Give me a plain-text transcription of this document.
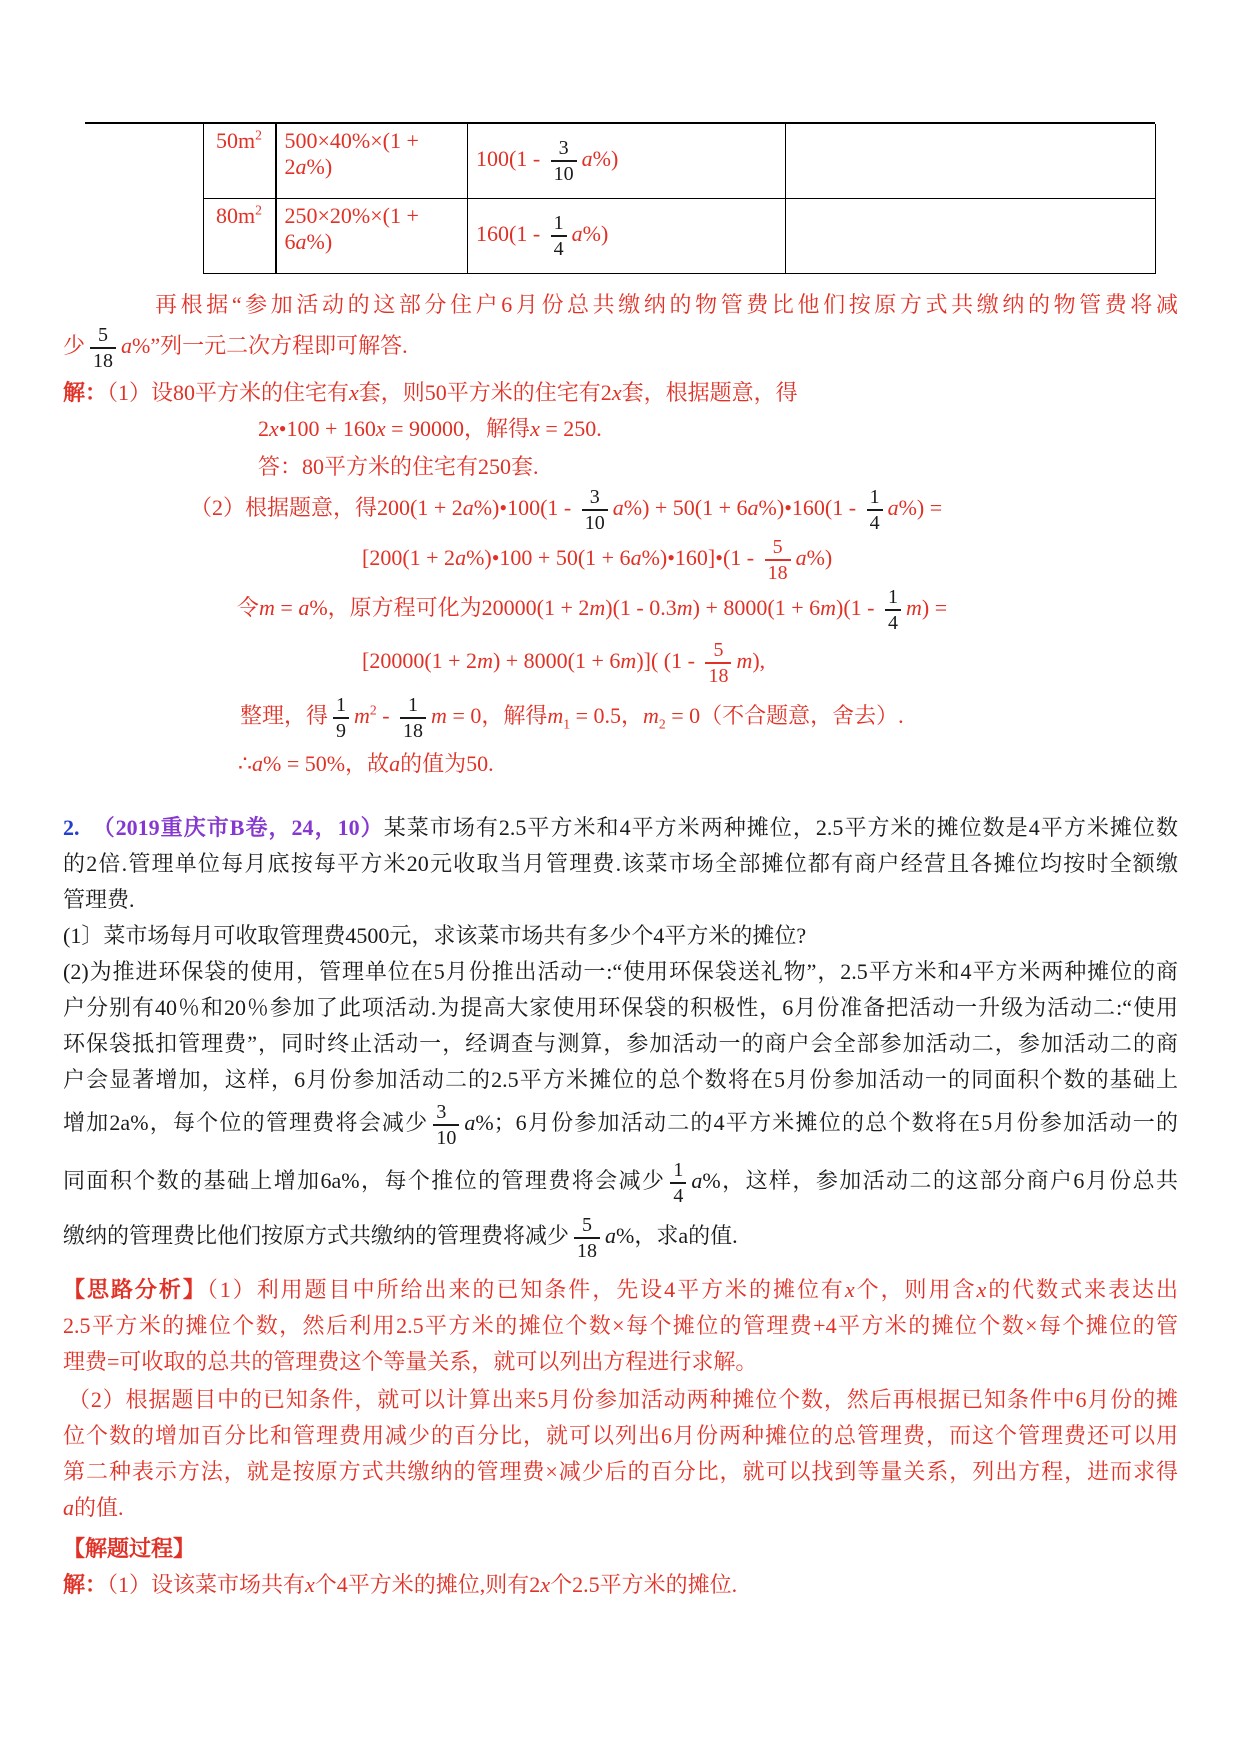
$50m^2$	500×40%×(1 + 2a%)	$100(1 - \frac{3}{10} a\%)$	
$80m^2$	250×20%×(1 + 6a%)	$160(1 - \frac{1}{4} a\%)$	
再根据“参加活动的这部分住户6月份总共缴纳的物管费比他们按原方式共缴纳的物管费将减
少 $\frac{5}{18} a\%$”列一元二次方程即可解答.
解：（1）设80平方米的住宅有x套，则50平方米的住宅有2x套，根据题意，得
2x•100 + 160x = 90000，解得x = 250.
答：80平方米的住宅有250套.
（2）根据题意，得200(1 + 2a%)•100(1 - $\frac{3}{10} a\%) + 50(1$ + 6a%)•160(1 - $\frac{1}{4} a\%$) =
[200(1 + 2a%)•100 + 50(1 + 6a%)•160]•(1 - $\frac{5}{18} a\%$)
令m = a%，原方程可化为$20000(1 + 2m)(1 - 0.3m) + 8000(1 + 6m)(1 - \frac{1}{4} m)$ =
[20000(1 + 2m) + 8000(1 + 6m)]( $(1 - \frac{5}{18} m)$,
整理，得 $\frac{1}{9} m^2 - \frac{1}{18}$ m = 0，解得$m_1 = 0.5$，$m_2 = 0$（不合题意，舍去）.
∴a% = 50%，故a的值为50.
2.　 （2019重庆市B卷，24，10）某菜市场有2.5平方米和4平方米两种摊位，2.5平方米的摊位数是4平方米摊位数
的2倍.管理单位每月底按每平方米20元收取当月管理费.该菜市场全部摊位都有商户经营且各摊位均按时全额缴
管理费.
(1〕菜市场每月可收取管理费4500元，求该菜市场共有多少个4平方米的摊位?
(2)为推进环保袋的使用，管理单位在5月份推出活动一:“使用环保袋送礼物”，2.5平方米和4平方米两种摊位的商
户分别有40％和20％参加了此项活动.为提高大家使用环保袋的积极性，6月份准备把活动一升级为活动二:“使用
环保袋抵扣管理费”，同时终止活动一，经调查与测算，参加活动一的商户会全部参加活动二，参加活动二的商
户会显著增加，这样，6月份参加活动二的2.5平方米摊位的总个数将在5月份参加活动一的同面积个数的基础上
增加2a%，每个位的管理费将会减少 $\frac{3}{10} a\%$；6月份参加活动二的4平方米摊位的总个数将在5月份参加活动一的
同面积个数的基础上增加6a%，每个推位的管理费将会减少 $\frac{1}{4} a\%$，这样，参加活动二的这部分商户6月份总共
缴纳的管理费比他们按原方式共缴纳的管理费将减少 $\frac{5}{18} a\%$，求a的值.
【思路分析】（1）利用题目中所给出来的已知条件，先设4平方米的摊位有x个，则用含x的代数式来表达出
2.5平方米的摊位个数，然后利用2.5平方米的摊位个数×每个摊位的管理费+4平方米的摊位个数×每个摊位的管
理费=可收取的总共的管理费这个等量关系，就可以列出方程进行求解。
（2）根据题目中的已知条件，就可以计算出来5月份参加活动两种摊位个数，然后再根据已知条件中6月份的摊
位个数的增加百分比和管理费用减少的百分比，就可以列出6月份两种摊位的总管理费，而这个管理费还可以用
第二种表示方法，就是按原方式共缴纳的管理费×减少后的百分比，就可以找到等量关系，列出方程，进而求得
a的值.
【解题过程】
解：（1）设该菜市场共有x个4平方米的摊位,则有2x个2.5平方米的摊位.
